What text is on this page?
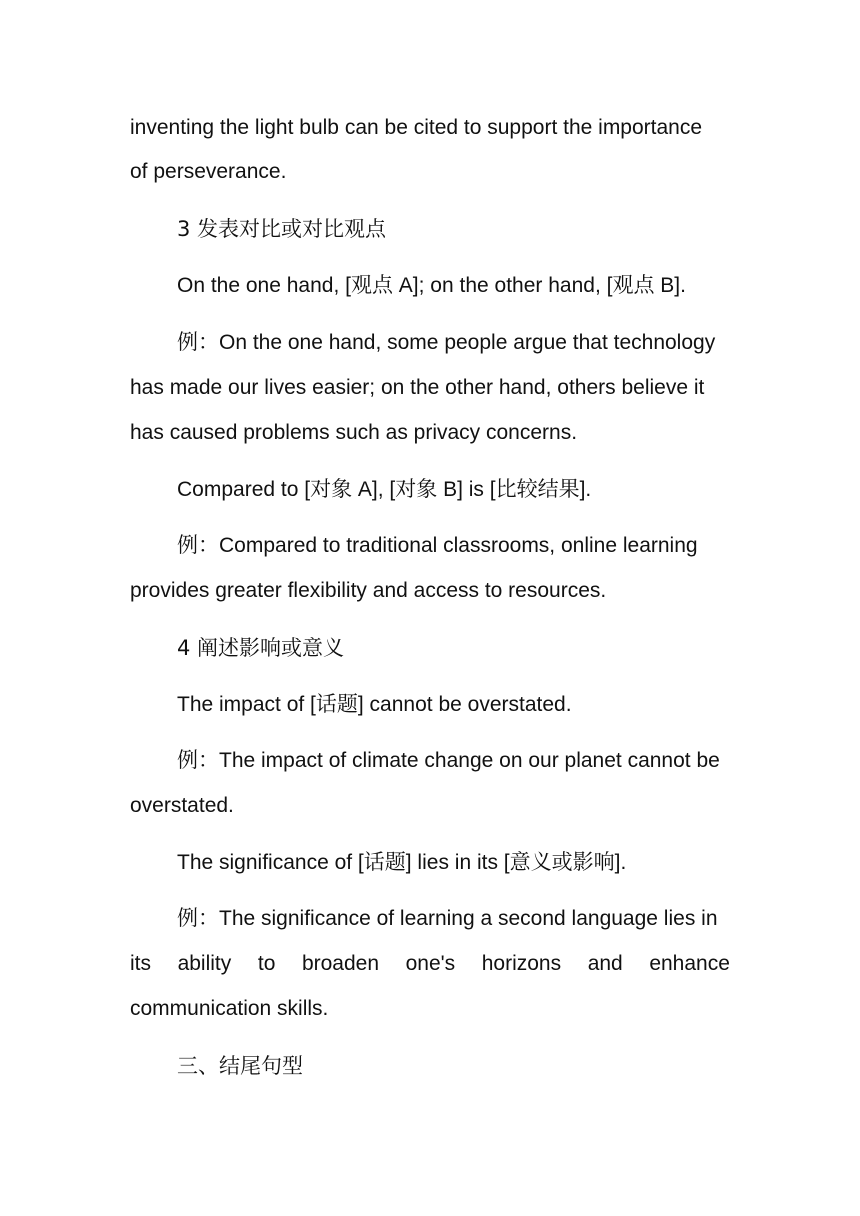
inventing the light bulb can be cited to support the importance
of perseverance.
3 发表对比或对比观点
On the one hand, [观点 A]; on the other hand, [观点 B].
例：On the one hand, some people argue that technology
has made our lives easier; on the other hand, others believe it
has caused problems such as privacy concerns.
Compared to [对象 A], [对象 B] is [比较结果].
例：Compared to traditional classrooms, online learning
provides greater flexibility and access to resources.
4 阐述影响或意义
The impact of [话题] cannot be overstated.
例：The impact of climate change on our planet cannot be
overstated.
The significance of [话题] lies in its [意义或影响].
例：The significance of learning a second language lies in
its ability to broaden one's horizons and enhance
communication skills.
三、结尾句型
